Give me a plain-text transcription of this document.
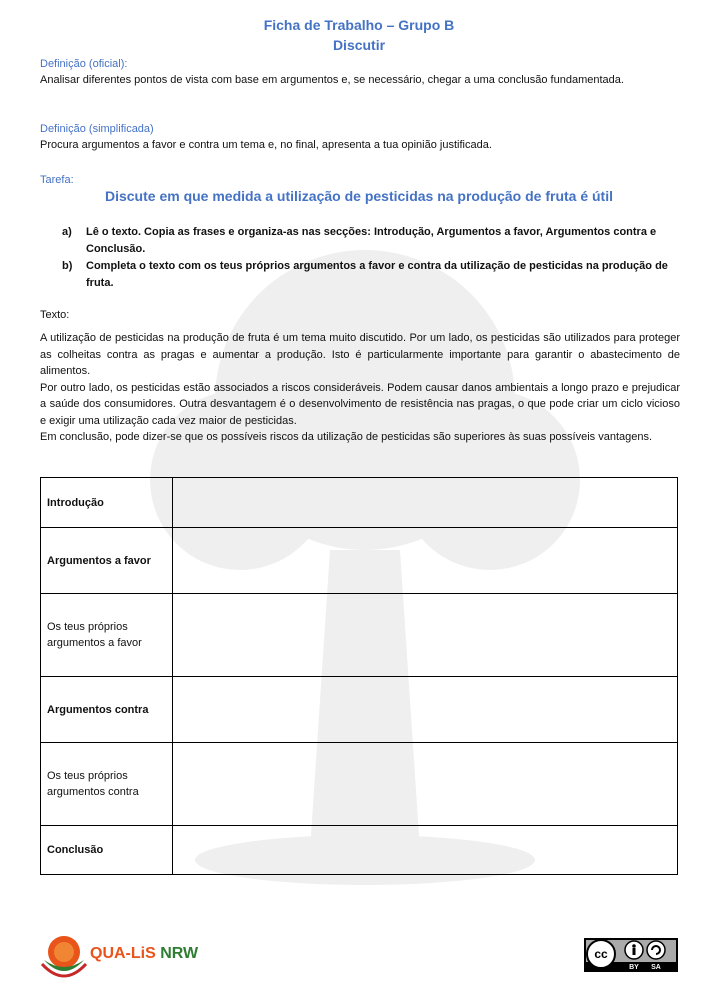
Ficha de Trabalho – Grupo B
Discutir
Definição (oficial):
Analisar diferentes pontos de vista com base em argumentos e, se necessário, chegar a uma conclusão fundamentada.
Definição (simplificada)
Procura argumentos a favor e contra um tema e, no final, apresenta a tua opinião justificada.
Tarefa:
Discute em que medida a utilização de pesticidas na produção de fruta é útil
a) Lê o texto. Copia as frases e organiza-as nas secções: Introdução, Argumentos a favor, Argumentos contra e Conclusão.
b) Completa o texto com os teus próprios argumentos a favor e contra da utilização de pesticidas na produção de fruta.
Texto:

A utilização de pesticidas na produção de fruta é um tema muito discutido. Por um lado, os pesticidas são utilizados para proteger as colheitas contra as pragas e aumentar a produção. Isto é particularmente importante para garantir o abastecimento de alimentos.

Por outro lado, os pesticidas estão associados a riscos consideráveis. Podem causar danos ambientais a longo prazo e prejudicar a saúde dos consumidores. Outra desvantagem é o desenvolvimento de resistência nas pragas, o que pode criar um ciclo vicioso e exigir uma utilização cada vez maior de pesticidas.

Em conclusão, pode dizer-se que os possíveis riscos da utilização de pesticidas são superiores às suas possíveis vantagens.

Introdução	
Argumentos a favor	
Os teus próprios argumentos a favor	
Argumentos contra	
Os teus próprios argumentos contra	
Conclusão	
QUA-LiS NRW	cc
BY SA
